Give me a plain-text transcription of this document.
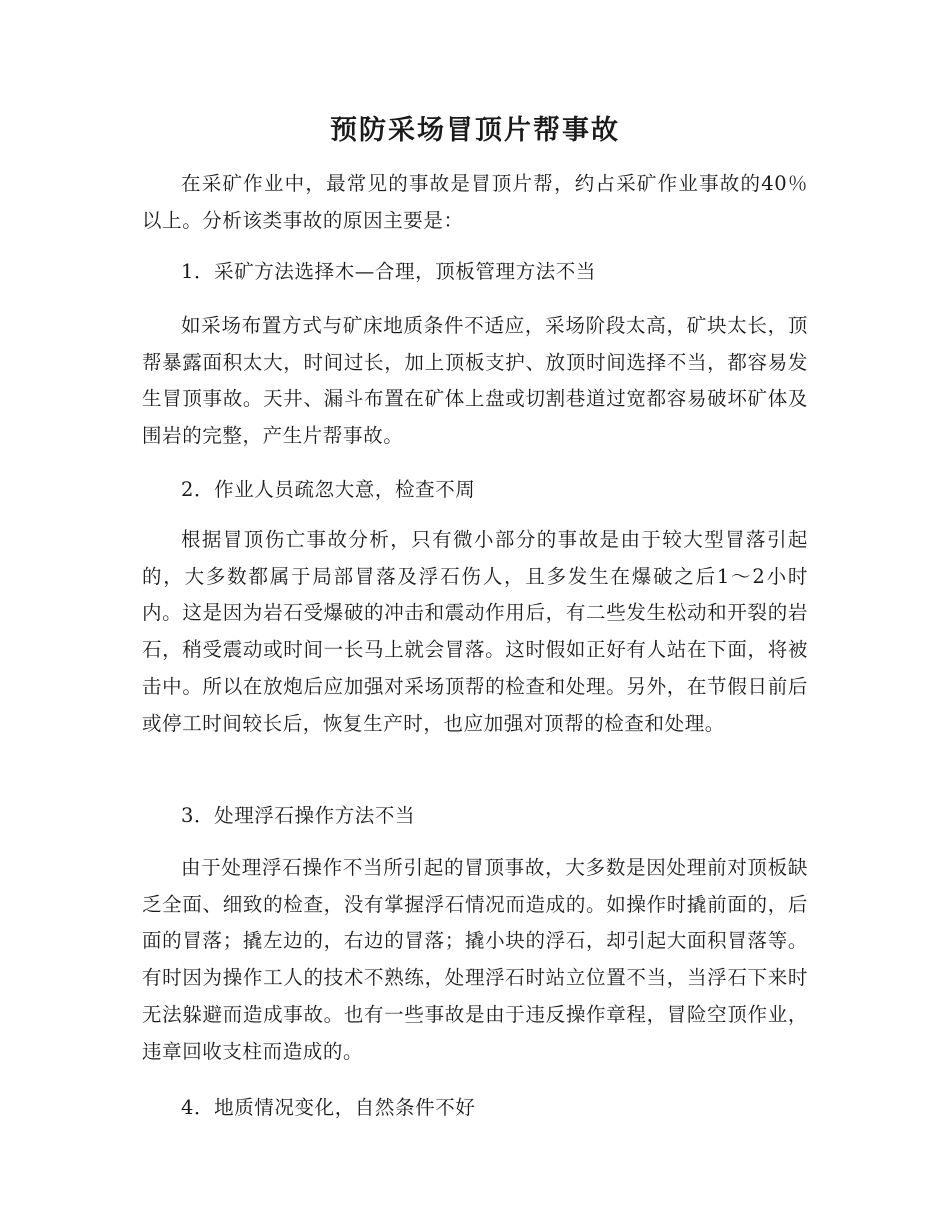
预防采场冒顶片帮事故

在采矿作业中，最常见的事故是冒顶片帮，约占采矿作业事故的40％以上。分析该类事故的原因主要是：

1．采矿方法选择木—合理，顶板管理方法不当

如采场布置方式与矿床地质条件不适应，采场阶段太高，矿块太长，顶帮暴露面积太大，时间过长，加上顶板支护、放顶时间选择不当，都容易发生冒顶事故。天井、漏斗布置在矿体上盘或切割巷道过宽都容易破坏矿体及围岩的完整，产生片帮事故。

2．作业人员疏忽大意，检查不周

根据冒顶伤亡事故分析，只有微小部分的事故是由于较大型冒落引起的，大多数都属于局部冒落及浮石伤人，且多发生在爆破之后1～2小时内。这是因为岩石受爆破的冲击和震动作用后，有二些发生松动和开裂的岩石，稍受震动或时间一长马上就会冒落。这时假如正好有人站在下面，将被击中。所以在放炮后应加强对采场顶帮的检查和处理。另外，在节假日前后或停工时间较长后，恢复生产时，也应加强对顶帮的检查和处理。

3．处理浮石操作方法不当

由于处理浮石操作不当所引起的冒顶事故，大多数是因处理前对顶板缺乏全面、细致的检查，没有掌握浮石情况而造成的。如操作时撬前面的，后面的冒落；撬左边的，右边的冒落；撬小块的浮石，却引起大面积冒落等。有时因为操作工人的技术不熟练，处理浮石时站立位置不当，当浮石下来时无法躲避而造成事故。也有一些事故是由于违反操作章程，冒险空顶作业，违章回收支柱而造成的。

4．地质情况变化，自然条件不好
